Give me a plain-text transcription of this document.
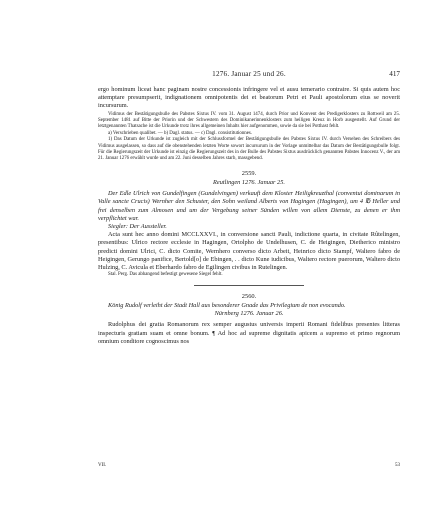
1276. Januar 25 und 26.	417

ergo hominum liceat hanc paginam nostre concessionis infringere vel ei ausu temerario contraire. Si quis autem hoc attemptare presumpserit, indignationem omnipotentis dei et beatorum Petri et Pauli apostolorum eius se noverit incursurum.

Vidimus der Bestätigungsbulle des Pabstes Sixtus IV. vom 31. August 1474, durch Prior und Konvent des Predigerklosters zu Rottweil am 25. September 1481 auf Bitte der Priorin und der Schwestern des Dominikanerinnenklosters zum heiligen Kreuz in Horb ausgestellt. Auf Grund der letztgenannten Thatsache ist die Urkunde trotz ihres allgemeinen Inhalts hier aufgenommen, sowie da sie bei Potthast fehlt.

a) Verschrieben qualibet. — b) Dagl. status. — c) Dagl. consistitutionnes.

1) Das Datum der Urkunde ist zugleich mit der Schlussformel der Bestätigungsbulle des Pabstes Sixtus IV. durch Versehen des Schreibers des Vidimus ausgelassen, so dass auf die obenstehenden letzten Worte sowort incursurum in der Vorlage unmittelbar das Datum der Bestätigungsbulle folgt. Für die Regierungszeit der Urkunde ist einzig die Regierungszeit des in der Bulle des Pabstes Sixtus ausdrücklich genannten Pabstes Innocenz V., der am 21. Januar 1276 erwählt wurde und am 22. Juni desselben Jahres starb, massgebend.

2559.
Reutlingen 1276. Januar 25.

Der Edle Ulrich von Gundelfingen (Gundelvingen) verkauft dem Kloster Heiligkreuzthal (conventui dominarum in Valle sancte Crucis) Wernher den Schuster, den Sohn weiland Alberts von Hagingen (Hagingen), um 4 ℔ Heller und frei denselben zum Almosen und um der Vergebung seiner Sünden willen von allem Dienste, zu denen er ihm verpflichtet war.

Siegler: Der Aussteller.

Acta sunt hec anno domini MCCLXXVI., in conversione sancti Pauli, indictione quarta, in civitate Rûtelingen, presentibus: Ulrico rectore ecclesie in Hagingen, Ortolpho de Undelhusen, C. de Heigingen, Dietherico ministro predicti domini Ulrici, C. dicto Comite, Wernhero converso dicto Arbeit, Heinrico dicto Stampf, Waltero fabro de Heigingen, Gerungo panifice, Bertold[o] de Ebingen, . . dicto Kune iudicibus, Waltero rectore puerorum, Waltero dicto Hulzing, C. Avicula et Eberhardo fabro de Egilingen civibus in Rutelingen.

Stal. Perg. Das abhangend befestigt gewesene Siegel fehlt.

2560.

König Rudolf verleiht der Stadt Hall aus besonderer Gnade das Privilegium de non evocando.

Nürnberg 1276. Januar 26.

Rudolphus dei gratia Romanorum rex semper augustus universis imperii Romani fidelibus presentes litteras inspecturis gratiam suam et omne bonum. ¶ Ad hoc ad supreme dignitatis apicem a supremo et primo regnorum omnium conditore cognoscimus nos

VII.	53
